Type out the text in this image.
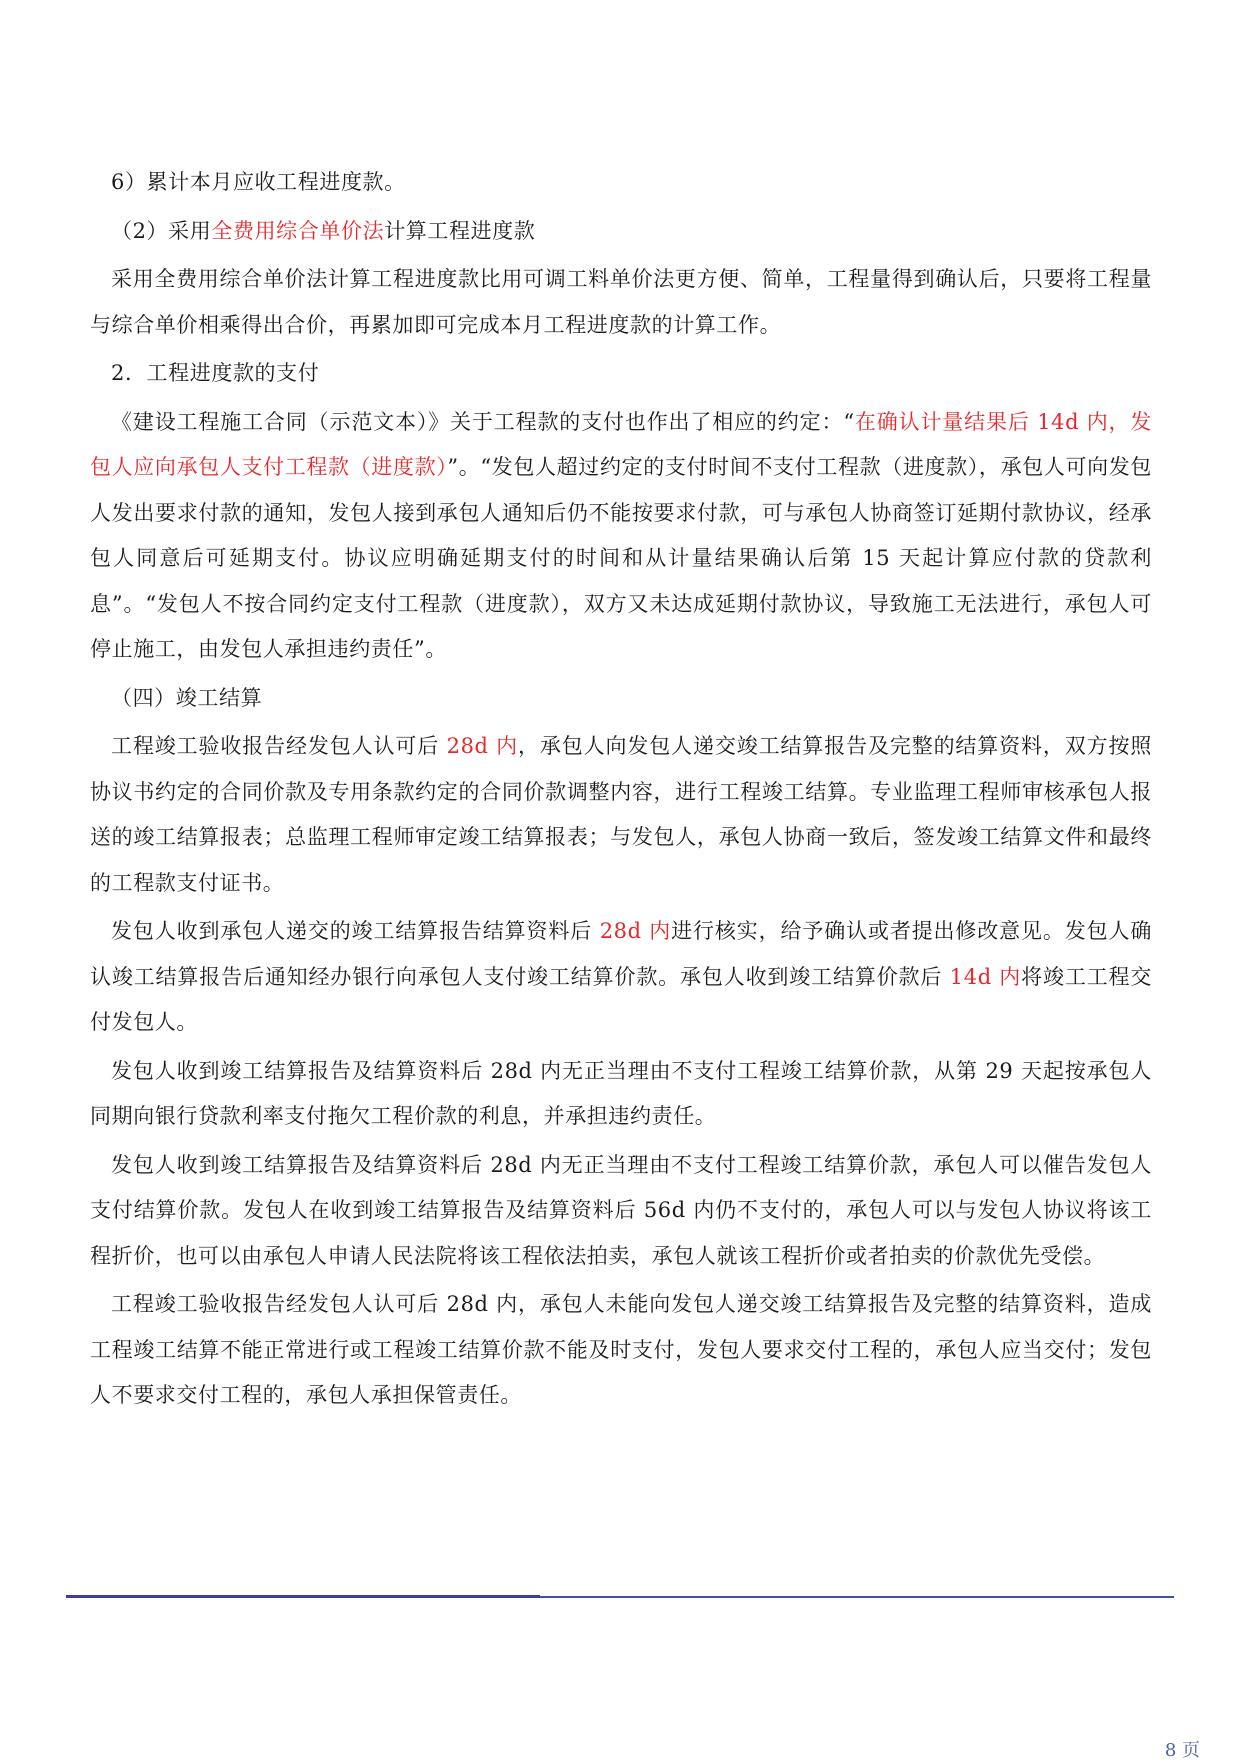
6）累计本月应收工程进度款。

（2）采用全费用综合单价法计算工程进度款

采用全费用综合单价法计算工程进度款比用可调工料单价法更方便、简单，工程量得到确认后，只要将工程量与综合单价相乘得出合价，再累加即可完成本月工程进度款的计算工作。

2．工程进度款的支付

《建设工程施工合同（示范文本）》关于工程款的支付也作出了相应的约定：“在确认计量结果后 14d 内，发包人应向承包人支付工程款（进度款）”。“发包人超过约定的支付时间不支付工程款（进度款），承包人可向发包人发出要求付款的通知，发包人接到承包人通知后仍不能按要求付款，可与承包人协商签订延期付款协议，经承包人同意后可延期支付。协议应明确延期支付的时间和从计量结果确认后第 15 天起计算应付款的贷款利息”。“发包人不按合同约定支付工程款（进度款），双方又未达成延期付款协议，导致施工无法进行，承包人可停止施工，由发包人承担违约责任”。

（四）竣工结算

工程竣工验收报告经发包人认可后 28d 内，承包人向发包人递交竣工结算报告及完整的结算资料，双方按照协议书约定的合同价款及专用条款约定的合同价款调整内容，进行工程竣工结算。专业监理工程师审核承包人报送的竣工结算报表；总监理工程师审定竣工结算报表；与发包人，承包人协商一致后，签发竣工结算文件和最终的工程款支付证书。

发包人收到承包人递交的竣工结算报告结算资料后 28d 内进行核实，给予确认或者提出修改意见。发包人确认竣工结算报告后通知经办银行向承包人支付竣工结算价款。承包人收到竣工结算价款后 14d 内将竣工工程交付发包人。

发包人收到竣工结算报告及结算资料后 28d 内无正当理由不支付工程竣工结算价款，从第 29 天起按承包人同期向银行贷款利率支付拖欠工程价款的利息，并承担违约责任。

发包人收到竣工结算报告及结算资料后 28d 内无正当理由不支付工程竣工结算价款，承包人可以催告发包人支付结算价款。发包人在收到竣工结算报告及结算资料后 56d 内仍不支付的，承包人可以与发包人协议将该工程折价，也可以由承包人申请人民法院将该工程依法拍卖，承包人就该工程折价或者拍卖的价款优先受偿。

工程竣工验收报告经发包人认可后 28d 内，承包人未能向发包人递交竣工结算报告及完整的结算资料，造成工程竣工结算不能正常进行或工程竣工结算价款不能及时支付，发包人要求交付工程的，承包人应当交付；发包人不要求交付工程的，承包人承担保管责任。

8 页
